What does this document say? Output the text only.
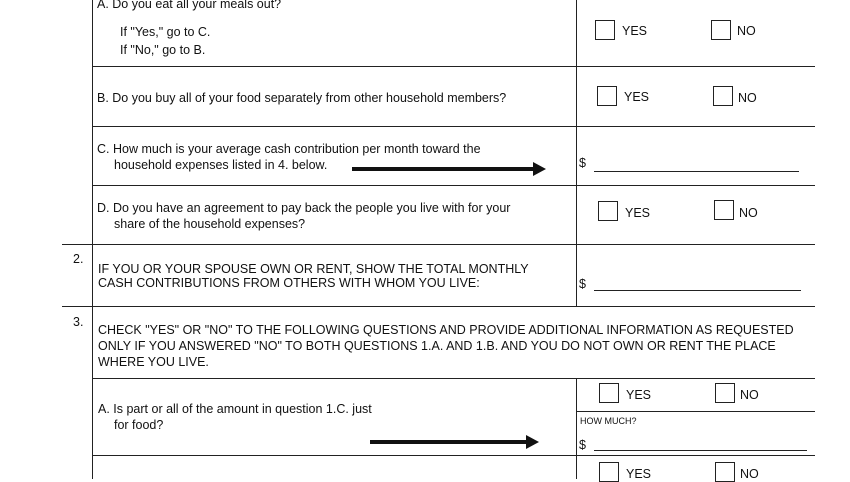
A. Do you eat all your meals out?
If "Yes," go to C.
If "No," go to B.
YES	NO
B. Do you buy all of your food separately from other household members?	YES	NO
C. How much is your average cash contribution per month toward the
household expenses listed in 4. below.	$
D. Do you have an agreement to pay back the people you live with for your
share of the household expenses?
YES	NO
2.
IF YOU OR YOUR SPOUSE OWN OR RENT, SHOW THE TOTAL MONTHLY
CASH CONTRIBUTIONS FROM OTHERS WITH WHOM YOU LIVE:	$
3.
CHECK "YES" OR "NO" TO THE FOLLOWING QUESTIONS AND PROVIDE ADDITIONAL INFORMATION AS REQUESTED
ONLY IF YOU ANSWERED "NO" TO BOTH QUESTIONS 1.A. AND 1.B. AND YOU DO NOT OWN OR RENT THE PLACE
WHERE YOU LIVE.
A. Is part or all of the amount in question 1.C. just
for food?
YES	NO
HOW MUCH?
$
YES	NO
